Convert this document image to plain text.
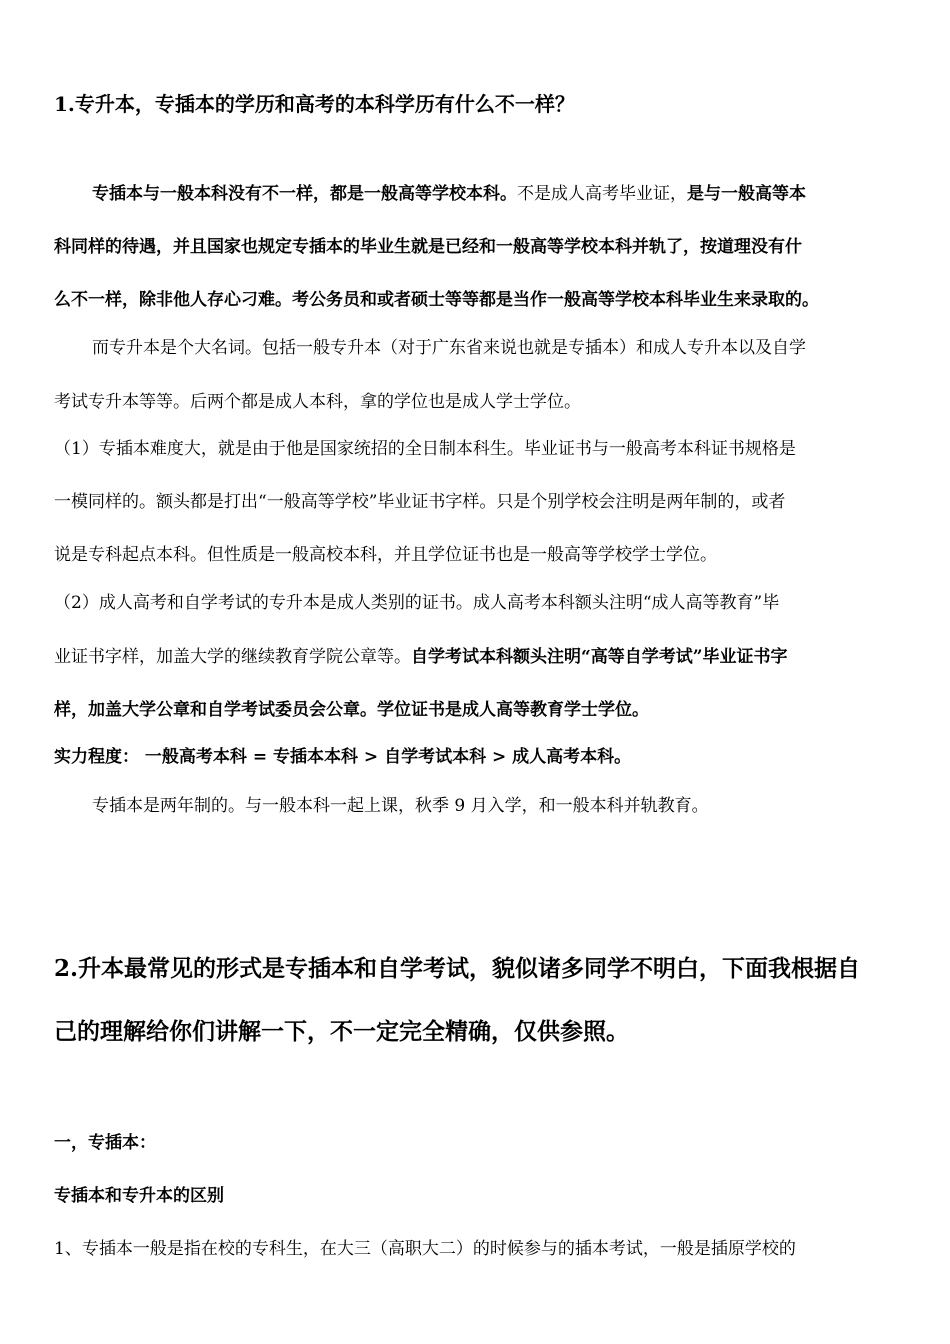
1.专升本，专插本的学历和高考的本科学历有什么不一样？
专插本与一般本科没有不一样，都是一般高等学校本科。不是成人高考毕业证，是与一般高等本
科同样的待遇，并且国家也规定专插本的毕业生就是已经和一般高等学校本科并轨了，按道理没有什
么不一样，除非他人存心刁难。考公务员和或者硕士等等都是当作一般高等学校本科毕业生来录取的。
而专升本是个大名词。包括一般专升本（对于广东省来说也就是专插本）和成人专升本以及自学
考试专升本等等。后两个都是成人本科，拿的学位也是成人学士学位。
（1）专插本难度大，就是由于他是国家统招的全日制本科生。毕业证书与一般高考本科证书规格是
一模同样的。额头都是打出“一般高等学校”毕业证书字样。只是个别学校会注明是两年制的，或者
说是专科起点本科。但性质是一般高校本科，并且学位证书也是一般高等学校学士学位。
（2）成人高考和自学考试的专升本是成人类别的证书。成人高考本科额头注明“成人高等教育”毕
业证书字样，加盖大学的继续教育学院公章等。自学考试本科额头注明“高等自学考试”毕业证书字
样，加盖大学公章和自学考试委员会公章。学位证书是成人高等教育学士学位。
实力程度： 一般高考本科 = 专插本本科 > 自学考试本科 > 成人高考本科。
专插本是两年制的。与一般本科一起上课，秋季 9 月入学，和一般本科并轨教育。
2.升本最常见的形式是专插本和自学考试，貌似诸多同学不明白，下面我根据自
己的理解给你们讲解一下，不一定完全精确，仅供参照。
一，专插本：
专插本和专升本的区别
1、专插本一般是指在校的专科生，在大三（高职大二）的时候参与的插本考试，一般是插原学校的
